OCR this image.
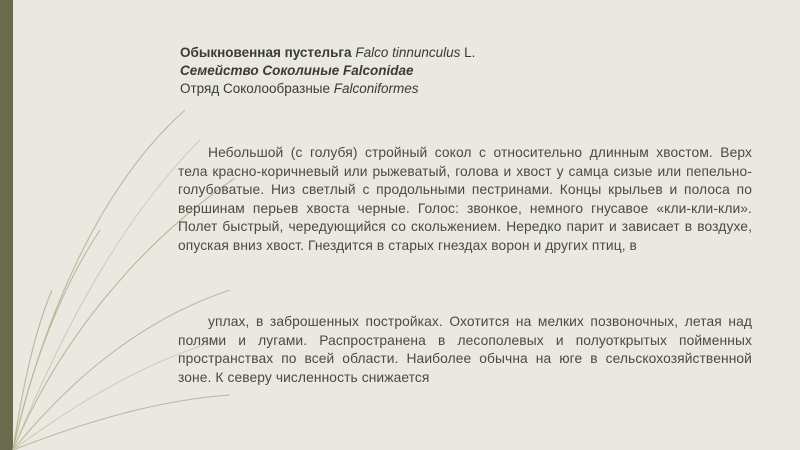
Обыкновенная пустельга Falco tinnunculus L.
Семейство Соколиные Falconidae
Отряд Соколообразные Falconiformes

Небольшой (с голубя) стройный сокол с относительно длинным хвостом. Верх тела красно-коричневый или рыжеватый, голова и хвост у самца сизые или пепельно-голубоватые. Низ светлый с продольными пестринами. Концы крыльев и полоса по вершинам перьев хвоста черные. Голос: звонкое, немного гнусавое «кли-кли-кли». Полет быстрый, чередующийся со скольжением. Нередко парит и зависает в воздухе, опуская вниз хвост. Гнездится в старых гнездах ворон и других птиц, в

уплах, в заброшенных постройках. Охотится на мелких позвоночных, летая над полями и лугами. Распространена в лесополевых и полуоткрытых пойменных пространствах по всей области. Наиболее обычна на юге в сельскохозяйственной зоне. К северу численность снижается
